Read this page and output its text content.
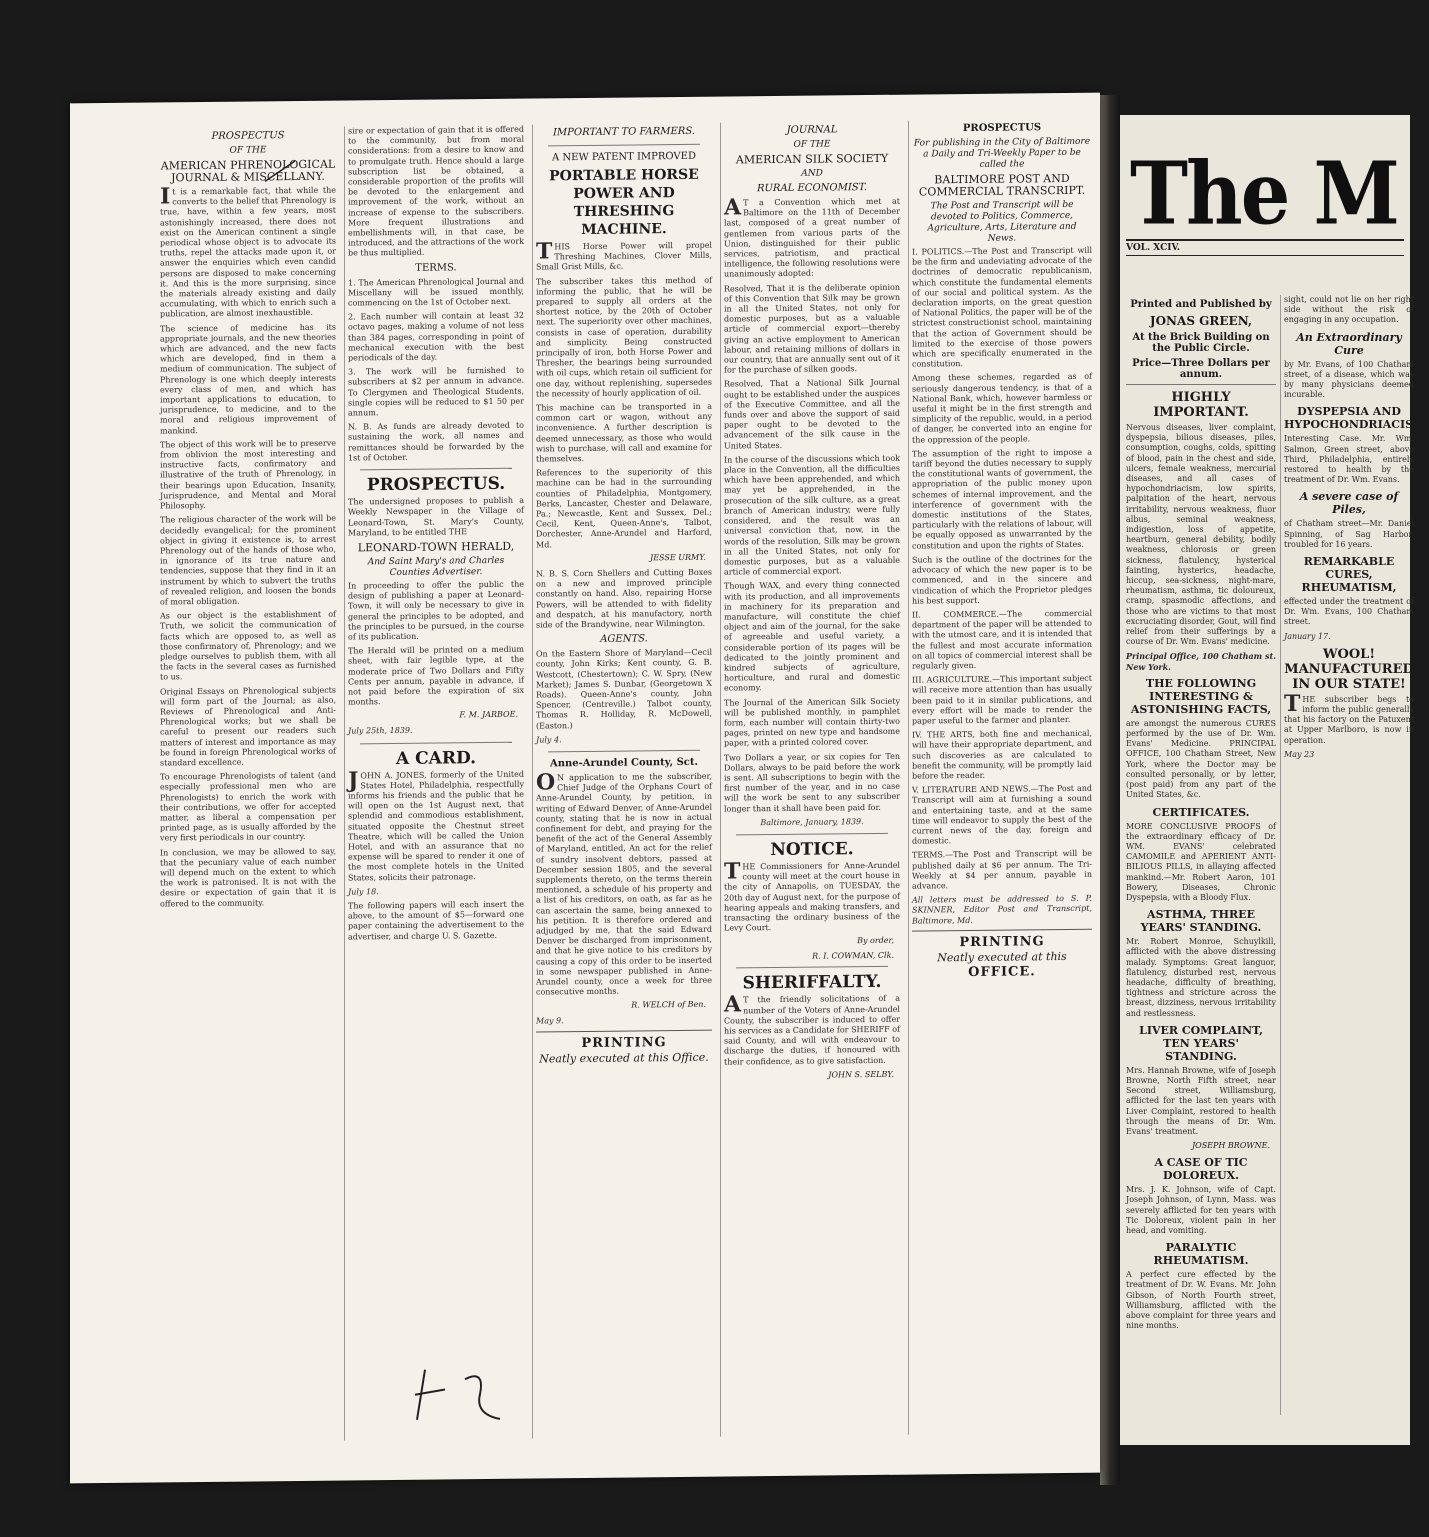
PROSPECTUS
OF THE
AMERICAN PHRENOLOGICAL JOURNAL & MISCELLANY.

It is a remarkable fact, that while the converts to the belief that Phrenology is true, have, within a few years, most astonishingly increased, there does not exist on the American continent a single periodical whose object is to advocate its truths, repel the attacks made upon it, or answer the enquiries which even candid persons are disposed to make concerning it. And this is the more surprising, since the materials already existing and daily accumulating, with which to enrich such a publication, are almost inexhaustible.

The science of medicine has its appropriate journals, and the new theories which are advanced, and the new facts which are developed, find in them a medium of communication. The subject of Phrenology is one which deeply interests every class of men, and which has important applications to education, to jurisprudence, to medicine, and to the moral and religious improvement of mankind.

The object of this work will be to preserve from oblivion the most interesting and instructive facts, confirmatory and illustrative of the truth of Phrenology, in their bearings upon Education, Insanity, Jurisprudence, and Mental and Moral Philosophy.

The religious character of the work will be decidedly evangelical; for the prominent object in giving it existence is, to arrest Phrenology out of the hands of those who, in ignorance of its true nature and tendencies, suppose that they find in it an instrument by which to subvert the truths of revealed religion, and loosen the bonds of moral obligation.

As our object is the establishment of Truth, we solicit the communication of facts which are opposed to, as well as those confirmatory of, Phrenology; and we pledge ourselves to publish them, with all the facts in the several cases as furnished to us.

Original Essays on Phrenological subjects will form part of the Journal; as also, Reviews of Phrenological and Anti-Phrenological works; but we shall be careful to present our readers such matters of interest and importance as may be found in foreign Phrenological works of standard excellence.

To encourage Phrenologists of talent (and especially professional men who are Phrenologists) to enrich the work with their contributions, we offer for accepted matter, as liberal a compensation per printed page, as is usually afforded by the very first periodicals in our country.

In conclusion, we may be allowed to say, that the pecuniary value of each number will depend much on the extent to which the work is patronised. It is not with the desire or expectation of gain that it is offered to the community.

sire or expectation of gain that it is offered to the community, but from moral considerations: from a desire to know and to promulgate truth. Hence should a large subscription list be obtained, a considerable proportion of the profits will be devoted to the enlargement and improvement of the work, without an increase of expense to the subscribers. More frequent illustrations and embellishments will, in that case, be introduced, and the attractions of the work be thus multiplied.

TERMS.

1. The American Phrenological Journal and Miscellany will be issued monthly, commencing on the 1st of October next.

2. Each number will contain at least 32 octavo pages, making a volume of not less than 384 pages, corresponding in point of mechanical execution with the best periodicals of the day.

3. The work will be furnished to subscribers at $2 per annum in advance. To Clergymen and Theological Students, single copies will be reduced to $1 50 per annum.

N. B. As funds are already devoted to sustaining the work, all names and remittances should be forwarded by the 1st of October.

PROSPECTUS.

The undersigned proposes to publish a Weekly Newspaper in the Village of Leonard-Town, St. Mary's County, Maryland, to be entitled THE

LEONARD-TOWN HERALD,
And Saint Mary's and Charles Counties Advertiser.

In proceeding to offer the public the design of publishing a paper at Leonard-Town, it will only be necessary to give in general the principles to be adopted, and the principles to be pursued, in the course of its publication.

The Herald will be printed on a medium sheet, with fair legible type, at the moderate price of Two Dollars and Fifty Cents per annum, payable in advance, if not paid before the expiration of six months.

F. M. JARBOE.
July 25th, 1839.
A CARD.

JOHN A. JONES, formerly of the United States Hotel, Philadelphia, respectfully informs his friends and the public that he will open on the 1st August next, that splendid and commodious establishment, situated opposite the Chestnut street Theatre, which will be called the Union Hotel, and with an assurance that no expense will be spared to render it one of the most complete hotels in the United States, solicits their patronage.

July 18.

The following papers will each insert the above, to the amount of $5—forward one paper containing the advertisement to the advertiser, and charge U. S. Gazette.

IMPORTANT TO FARMERS.
A NEW PATENT IMPROVED
PORTABLE HORSE POWER AND THRESHING MACHINE.

THIS Horse Power will propel Threshing Machines, Clover Mills, Small Grist Mills, &c.

The subscriber takes this method of informing the public, that he will be prepared to supply all orders at the shortest notice, by the 20th of October next. The superiority over other machines, consists in case of operation, durability and simplicity. Being constructed principally of iron, both Horse Power and Thresher, the bearings being surrounded with oil cups, which retain oil sufficient for one day, without replenishing, supersedes the necessity of hourly application of oil.

This machine can be transported in a common cart or wagon, without any inconvenience. A further description is deemed unnecessary, as those who would wish to purchase, will call and examine for themselves.

References to the superiority of this machine can be had in the surrounding counties of Philadelphia, Montgomery, Berks, Lancaster, Chester and Delaware, Pa.; Newcastle, Kent and Sussex, Del.; Cecil, Kent, Queen-Anne's, Talbot, Dorchester, Anne-Arundel and Harford, Md.

JESSE URMY.

N. B. S. Corn Shellers and Cutting Boxes on a new and improved principle constantly on hand. Also, repairing Horse Powers, will be attended to with fidelity and despatch, at his manufactory, north side of the Brandywine, near Wilmington.

AGENTS.

On the Eastern Shore of Maryland—Cecil county, John Kirks; Kent county, G. B. Westcott, (Chestertown); C. W. Spry, (New Market); James S. Dunbar, (Georgetown X Roads). Queen-Anne's county, John Spencer, (Centreville.) Talbot county, Thomas R. Holliday, R. McDowell, (Easton.)

July 4.
Anne-Arundel County, Sct.

ON application to me the subscriber, Chief Judge of the Orphans Court of Anne-Arundel County, by petition, in writing of Edward Denver, of Anne-Arundel county, stating that he is now in actual confinement for debt, and praying for the benefit of the act of the General Assembly of Maryland, entitled, An act for the relief of sundry insolvent debtors, passed at December session 1805, and the several supplements thereto, on the terms therein mentioned, a schedule of his property and a list of his creditors, on oath, as far as he can ascertain the same, being annexed to his petition. It is therefore ordered and adjudged by me, that the said Edward Denver be discharged from imprisonment, and that he give notice to his creditors by causing a copy of this order to be inserted in some newspaper published in Anne-Arundel county, once a week for three consecutive months.

R. WELCH of Ben.
May 9.
PRINTING
Neatly executed at this Office.
JOURNAL
OF THE
AMERICAN SILK SOCIETY
AND
RURAL ECONOMIST.

AT a Convention which met at Baltimore on the 11th of December last, composed of a great number of gentlemen from various parts of the Union, distinguished for their public services, patriotism, and practical intelligence, the following resolutions were unanimously adopted:

Resolved, That it is the deliberate opinion of this Convention that Silk may be grown in all the United States, not only for domestic purposes, but as a valuable article of commercial export—thereby giving an active employment to American labour, and retaining millions of dollars in our country, that are annually sent out of it for the purchase of silken goods.

Resolved, That a National Silk Journal ought to be established under the auspices of the Executive Committee, and all the funds over and above the support of said paper ought to be devoted to the advancement of the silk cause in the United States.

In the course of the discussions which took place in the Convention, all the difficulties which have been apprehended, and which may yet be apprehended, in the prosecution of the silk culture, as a great branch of American industry, were fully considered, and the result was an universal conviction that, now, in the words of the resolution, Silk may be grown in all the United States, not only for domestic purposes, but as a valuable article of commercial export.

Though WAX, and every thing connected with its production, and all improvements in machinery for its preparation and manufacture, will constitute the chief object and aim of the journal, for the sake of agreeable and useful variety, a considerable portion of its pages will be dedicated to the jointly prominent and kindred subjects of agriculture, horticulture, and rural and domestic economy.

The Journal of the American Silk Society will be published monthly, in pamphlet form, each number will contain thirty-two pages, printed on new type and handsome paper, with a printed colored cover.

Two Dollars a year, or six copies for Ten Dollars, always to be paid before the work is sent. All subscriptions to begin with the first number of the year, and in no case will the work be sent to any subscriber longer than it shall have been paid for.

Baltimore, January, 1839.
NOTICE.

THE Commissioners for Anne-Arundel county will meet at the court house in the city of Annapolis, on TUESDAY, the 20th day of August next, for the purpose of hearing appeals and making transfers, and transacting the ordinary business of the Levy Court.

By order,
R. I. COWMAN, Clk.
SHERIFFALTY.

AT the friendly solicitations of a number of the Voters of Anne-Arundel County, the subscriber is induced to offer his services as a Candidate for SHERIFF of said County, and will with endeavour to discharge the duties, if honoured with their confidence, as to give satisfaction.

JOHN S. SELBY.
PROSPECTUS
For publishing in the City of Baltimore a Daily and Tri-Weekly Paper to be called the
BALTIMORE POST AND COMMERCIAL TRANSCRIPT.
The Post and Transcript will be devoted to Politics, Commerce, Agriculture, Arts, Literature and News.

I. POLITICS.—The Post and Transcript will be the firm and undeviating advocate of the doctrines of democratic republicanism, which constitute the fundamental elements of our social and political system. As the declaration imports, on the great question of National Politics, the paper will be of the strictest constructionist school, maintaining that the action of Government should be limited to the exercise of those powers which are specifically enumerated in the constitution.

Among these schemes, regarded as of seriously dangerous tendency, is that of a National Bank, which, however harmless or useful it might be in the first strength and simplicity of the republic, would, in a period of danger, be converted into an engine for the oppression of the people.

The assumption of the right to impose a tariff beyond the duties necessary to supply the constitutional wants of government, the appropriation of the public money upon schemes of internal improvement, and the interference of government with the domestic institutions of the States, particularly with the relations of labour, will be equally opposed as unwarranted by the constitution and upon the rights of States.

Such is the outline of the doctrines for the advocacy of which the new paper is to be commenced, and in the sincere and vindication of which the Proprietor pledges his best support.

II. COMMERCE.—The commercial department of the paper will be attended to with the utmost care, and it is intended that the fullest and most accurate information on all topics of commercial interest shall be regularly given.

III. AGRICULTURE.—This important subject will receive more attention than has usually been paid to it in similar publications, and every effort will be made to render the paper useful to the farmer and planter.

IV. THE ARTS, both fine and mechanical, will have their appropriate department, and such discoveries as are calculated to benefit the community, will be promptly laid before the reader.

V. LITERATURE AND NEWS.—The Post and Transcript will aim at furnishing a sound and entertaining taste, and at the same time will endeavor to supply the best of the current news of the day, foreign and domestic.

TERMS.—The Post and Transcript will be published daily at $6 per annum. The Tri-Weekly at $4 per annum, payable in advance.

All letters must be addressed to S. P. SKINNER, Editor Post and Transcript, Baltimore, Md.

PRINTING
Neatly executed at this
OFFICE.
The M
VOL. XCIV.
Printed and Published by
JONAS GREEN,
At the Brick Building on the Public Circle.
Price—Three Dollars per annum.
HIGHLY IMPORTANT.

Nervous diseases, liver complaint, dyspepsia, bilious diseases, piles, consumption, coughs, colds, spitting of blood, pain in the chest and side, ulcers, female weakness, mercurial diseases, and all cases of hypochondriacism, low spirits, palpitation of the heart, nervous irritability, nervous weakness, fluor albus, seminal weakness, indigestion, loss of appetite, heartburn, general debility, bodily weakness, chlorosis or green sickness, flatulency, hysterical fainting, hysterics, headache, hiccup, sea-sickness, night-mare, rheumatism, asthma, tic doloureux, cramp, spasmodic affections, and those who are victims to that most excruciating disorder, Gout, will find relief from their sufferings by a course of Dr. Wm. Evans' medicine.

Principal Office, 100 Chatham st. New York.

THE FOLLOWING INTERESTING & ASTONISHING FACTS,

are amongst the numerous CURES performed by the use of Dr. Wm. Evans' Medicine. PRINCIPAL OFFICE, 100 Chatham Street, New York, where the Doctor may be consulted personally, or by letter, (post paid) from any part of the United States, &c.

CERTIFICATES.

MORE CONCLUSIVE PROOFS of the extraordinary efficacy of Dr. WM. EVANS' celebrated CAMOMILE and APERIENT ANTI-BILIOUS PILLS, in allaying affected mankind.—Mr. Robert Aaron, 101 Bowery, Diseases, Chronic Dyspepsia, with a Bloody Flux.

ASTHMA, THREE YEARS' STANDING.

Mr. Robert Monroe, Schuylkill, afflicted with the above distressing malady. Symptoms: Great languor, flatulency, disturbed rest, nervous headache, difficulty of breathing, tightness and stricture across the breast, dizziness, nervous irritability and restlessness.

LIVER COMPLAINT, TEN YEARS' STANDING.

Mrs. Hannah Browne, wife of Joseph Browne, North Fifth street, near Second street, Williamsburg, afflicted for the last ten years with Liver Complaint, restored to health through the means of Dr. Wm. Evans' treatment.

JOSEPH BROWNE.
A CASE OF TIC DOLOREUX.

Mrs. J. K. Johnson, wife of Capt. Joseph Johnson, of Lynn, Mass. was severely afflicted for ten years with Tic Doloreux, violent pain in her head, and vomiting.

PARALYTIC RHEUMATISM.

A perfect cure effected by the treatment of Dr. W. Evans. Mr. John Gibson, of North Fourth street, Williamsburg, afflicted with the above complaint for three years and nine months.

sight, could not lie on her right side without the risk of engaging in any occupation.

An Extraordinary Cure

by Mr. Evans, of 100 Chatham street, of a disease, which was by many physicians deemed incurable.

DYSPEPSIA AND HYPOCHONDRIACISM.

Interesting Case. Mr. Wm. Salmon, Green street, above Third, Philadelphia, entirely restored to health by the treatment of Dr. Wm. Evans.

A severe case of Piles,

of Chatham street—Mr. Daniel Spinning, of Sag Harbor, troubled for 16 years.

REMARKABLE CURES, RHEUMATISM,

effected under the treatment of Dr. Wm. Evans, 100 Chatham street.

January 17.
WOOL! MANUFACTURED IN OUR STATE!

THE subscriber begs to inform the public generally that his factory on the Patuxent at Upper Marlboro, is now in operation.

May 23
